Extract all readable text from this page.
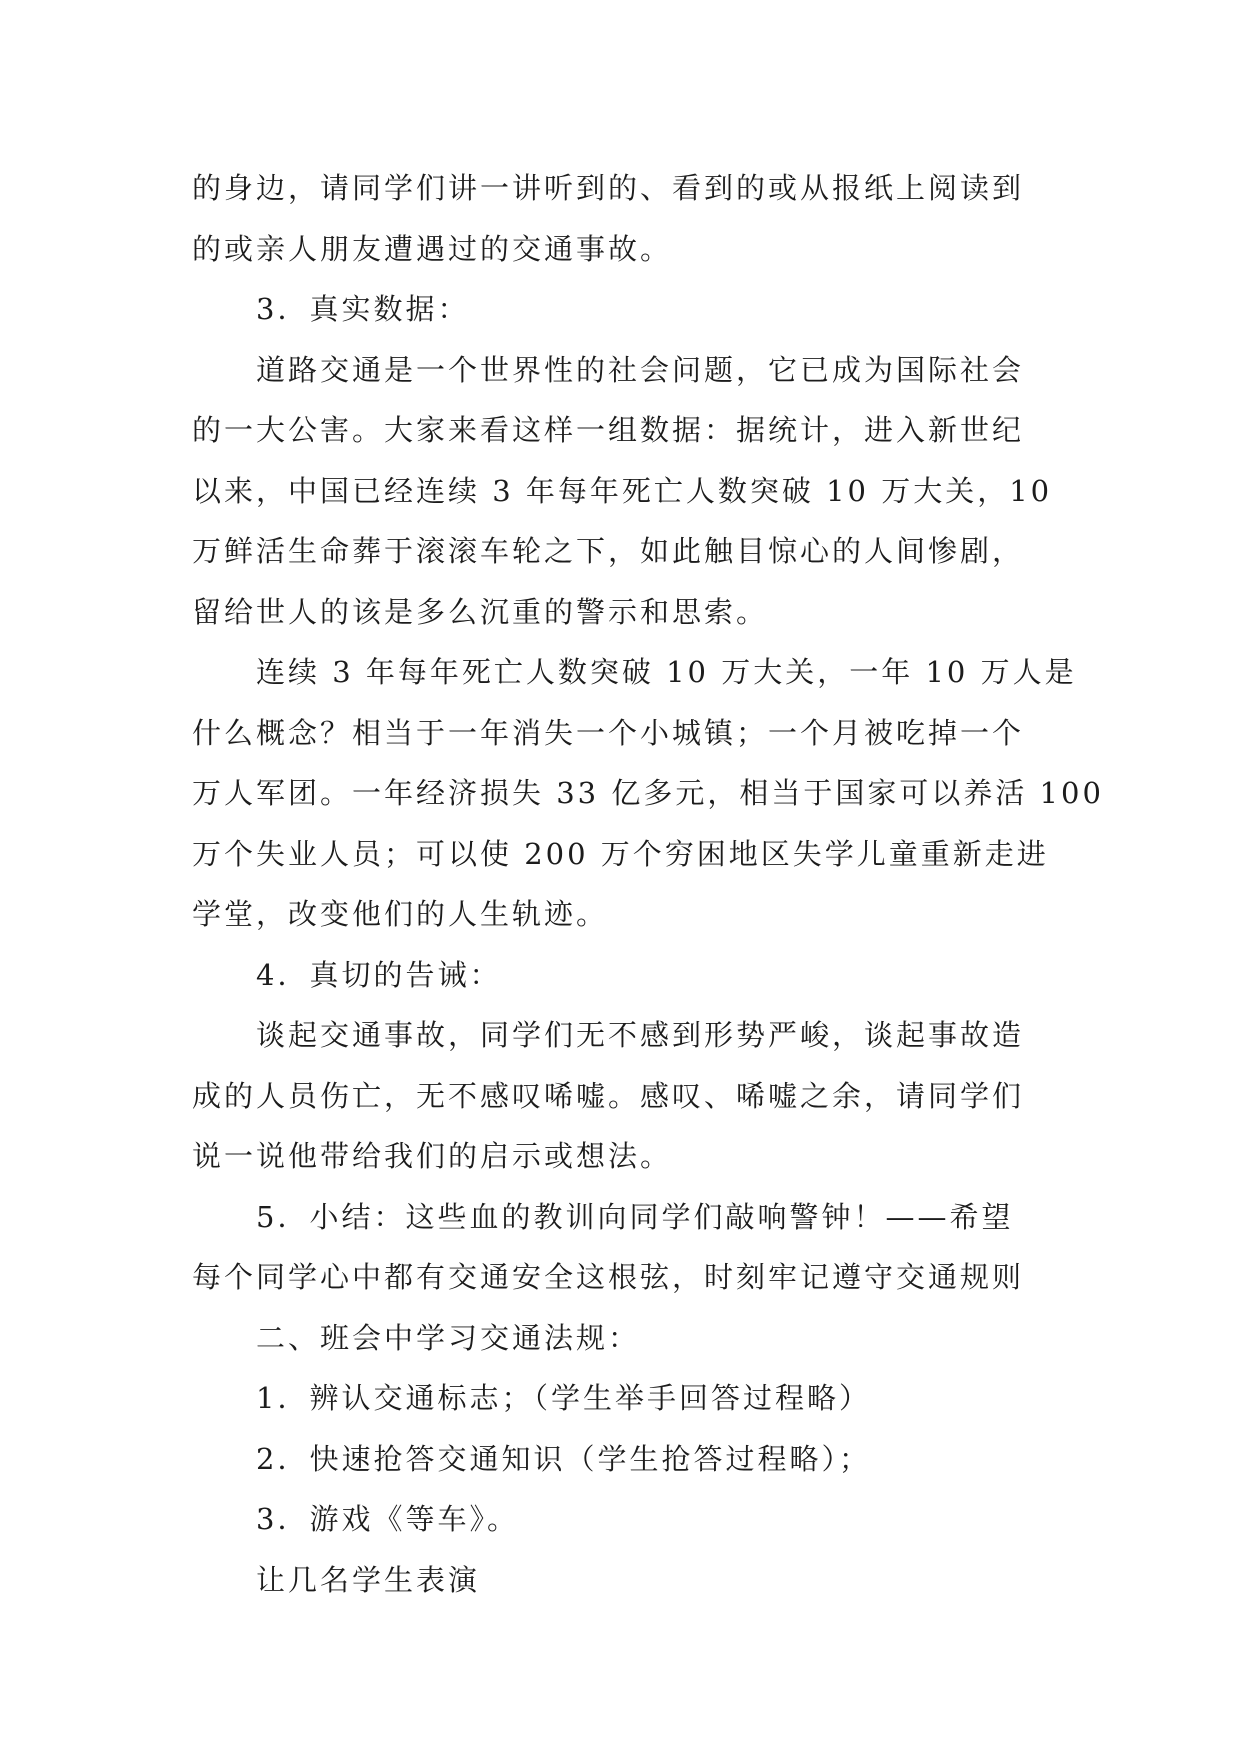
的身边，请同学们讲一讲听到的、看到的或从报纸上阅读到
的或亲人朋友遭遇过的交通事故。
3．真实数据：
道路交通是一个世界性的社会问题，它已成为国际社会
的一大公害。大家来看这样一组数据：据统计，进入新世纪
以来，中国已经连续 3 年每年死亡人数突破 10 万大关，10
万鲜活生命葬于滚滚车轮之下，如此触目惊心的人间惨剧，
留给世人的该是多么沉重的警示和思索。
连续 3 年每年死亡人数突破 10 万大关，一年 10 万人是
什么概念？相当于一年消失一个小城镇；一个月被吃掉一个
万人军团。一年经济损失 33 亿多元，相当于国家可以养活 100
万个失业人员；可以使 200 万个穷困地区失学儿童重新走进
学堂，改变他们的人生轨迹。
4．真切的告诫：
谈起交通事故，同学们无不感到形势严峻，谈起事故造
成的人员伤亡，无不感叹唏嘘。感叹、唏嘘之余，请同学们
说一说他带给我们的启示或想法。
5．小结：这些血的教训向同学们敲响警钟！——希望
每个同学心中都有交通安全这根弦，时刻牢记遵守交通规则
二、班会中学习交通法规：
1．辨认交通标志；（学生举手回答过程略）
2．快速抢答交通知识（学生抢答过程略）；
3．游戏《等车》。
让几名学生表演
